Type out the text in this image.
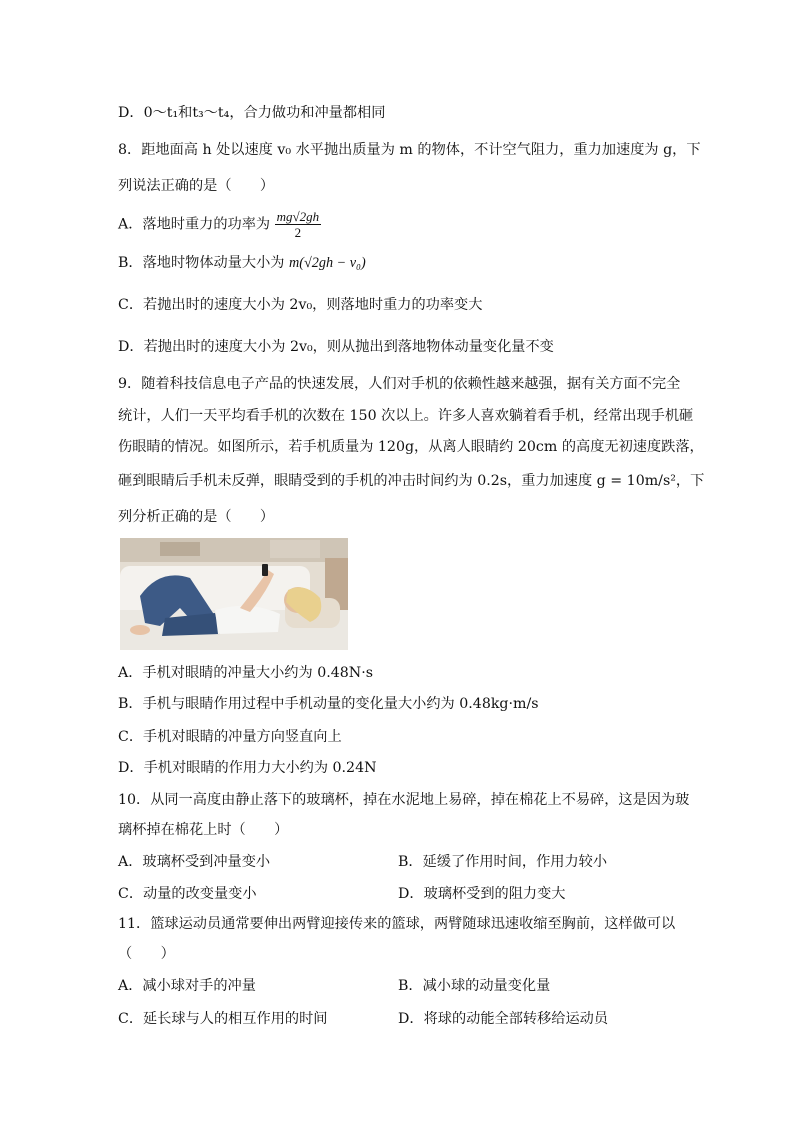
D．0～t₁和t₃～t₄，合力做功和冲量都相同
8．距地面高 h 处以速度 v₀ 水平抛出质量为 m 的物体，不计空气阻力，重力加速度为 g，下
列说法正确的是（　　）
A．落地时重力的功率为 $\frac{mg√2gh}{2}$
B．落地时物体动量大小为 m(√2gh − v₀)
C．若抛出时的速度大小为 2v₀，则落地时重力的功率变大
D．若抛出时的速度大小为 2v₀，则从抛出到落地物体动量变化量不变
9．随着科技信息电子产品的快速发展，人们对手机的依赖性越来越强，据有关方面不完全
统计，人们一天平均看手机的次数在 150 次以上。许多人喜欢躺着看手机，经常出现手机砸
伤眼睛的情况。如图所示，若手机质量为 120g，从离人眼睛约 20cm 的高度无初速度跌落，
砸到眼睛后手机未反弹，眼睛受到的手机的冲击时间约为 0.2s，重力加速度 g = 10m/s²，下
列分析正确的是（　　）
A．手机对眼睛的冲量大小约为 0.48N·s
B．手机与眼睛作用过程中手机动量的变化量大小约为 0.48kg·m/s
C．手机对眼睛的冲量方向竖直向上
D．手机对眼睛的作用力大小约为 0.24N
10．从同一高度由静止落下的玻璃杯，掉在水泥地上易碎，掉在棉花上不易碎，这是因为玻
璃杯掉在棉花上时（　　）
A．玻璃杯受到冲量变小	B．延缓了作用时间，作用力较小
C．动量的改变量变小	D．玻璃杯受到的阻力变大
11．篮球运动员通常要伸出两臂迎接传来的篮球，两臂随球迅速收缩至胸前，这样做可以
（　　）
A．减小球对手的冲量	B．减小球的动量变化量
C．延长球与人的相互作用的时间	D．将球的动能全部转移给运动员
